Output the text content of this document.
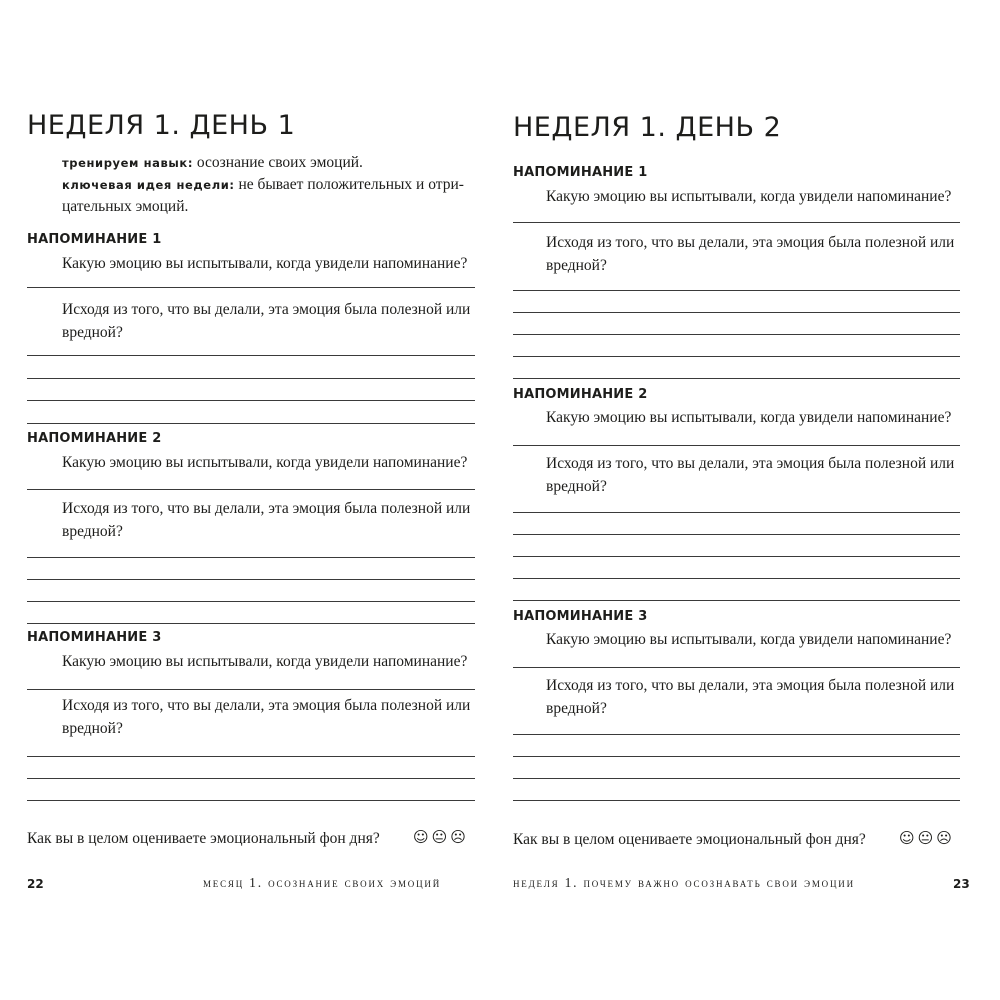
НЕДЕЛЯ 1. ДЕНЬ 1

тренируем навык: осознание своих эмоций.

ключевая идея недели: не бывает положительных и отри-

цательных эмоций.

НАПОМИНАНИЕ 1

Какую эмоцию вы испытывали, когда увидели напоминание?

Исходя из того, что вы делали, эта эмоция была полезной или

вредной?

НАПОМИНАНИЕ 2

Какую эмоцию вы испытывали, когда увидели напоминание?

Исходя из того, что вы делали, эта эмоция была полезной или

вредной?

НАПОМИНАНИЕ 3

Какую эмоцию вы испытывали, когда увидели напоминание?

Исходя из того, что вы делали, эта эмоция была полезной или

вредной?

Как вы в целом оцениваете эмоциональный фон дня? ☺😐☹
22	месяц 1. осознание своих эмоций
НЕДЕЛЯ 1. ДЕНЬ 2
НАПОМИНАНИЕ 1

Какую эмоцию вы испытывали, когда увидели напоминание?

Исходя из того, что вы делали, эта эмоция была полезной или

вредной?

НАПОМИНАНИЕ 2

Какую эмоцию вы испытывали, когда увидели напоминание?

Исходя из того, что вы делали, эта эмоция была полезной или

вредной?

НАПОМИНАНИЕ 3

Какую эмоцию вы испытывали, когда увидели напоминание?

Исходя из того, что вы делали, эта эмоция была полезной или

вредной?

Как вы в целом оцениваете эмоциональный фон дня? ☺😐☹
неделя 1. почему важно осознавать свои эмоции	23
